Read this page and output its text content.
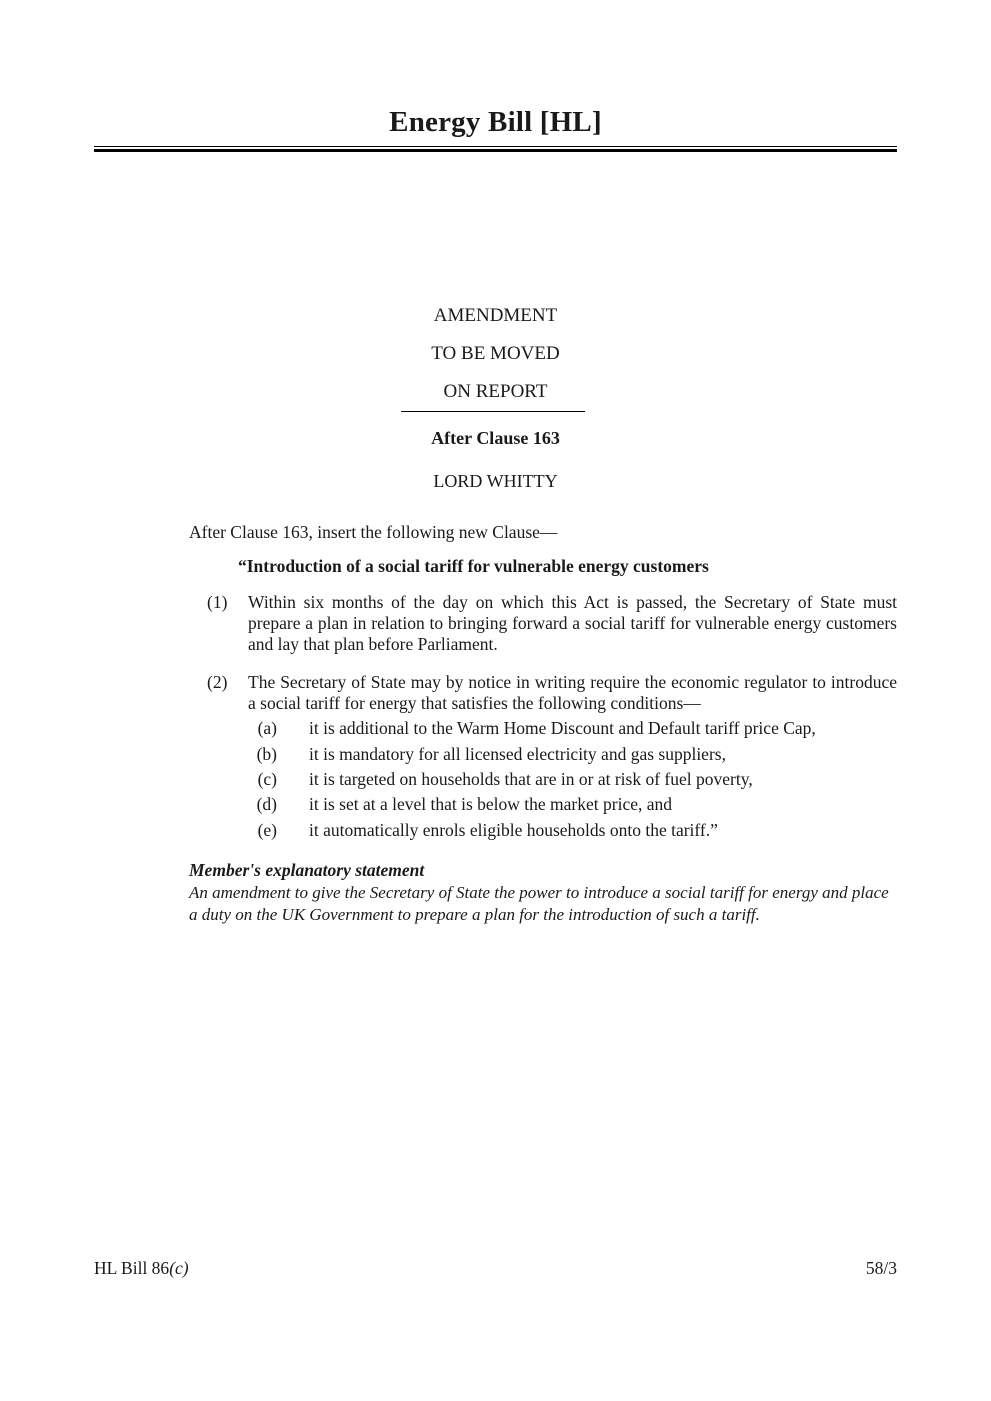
Energy Bill [HL]
AMENDMENT
TO BE MOVED
ON REPORT
After Clause 163
LORD WHITTY
After Clause 163, insert the following new Clause—
“Introduction of a social tariff for vulnerable energy customers
(1) Within six months of the day on which this Act is passed, the Secretary of State must prepare a plan in relation to bringing forward a social tariff for vulnerable energy customers and lay that plan before Parliament.
(2) The Secretary of State may by notice in writing require the economic regulator to introduce a social tariff for energy that satisfies the following conditions—
(a) it is additional to the Warm Home Discount and Default tariff price Cap,
(b) it is mandatory for all licensed electricity and gas suppliers,
(c) it is targeted on households that are in or at risk of fuel poverty,
(d) it is set at a level that is below the market price, and
(e) it automatically enrols eligible households onto the tariff.”
Member's explanatory statement
An amendment to give the Secretary of State the power to introduce a social tariff for energy and place a duty on the UK Government to prepare a plan for the introduction of such a tariff.
HL Bill 86(c)	58/3
